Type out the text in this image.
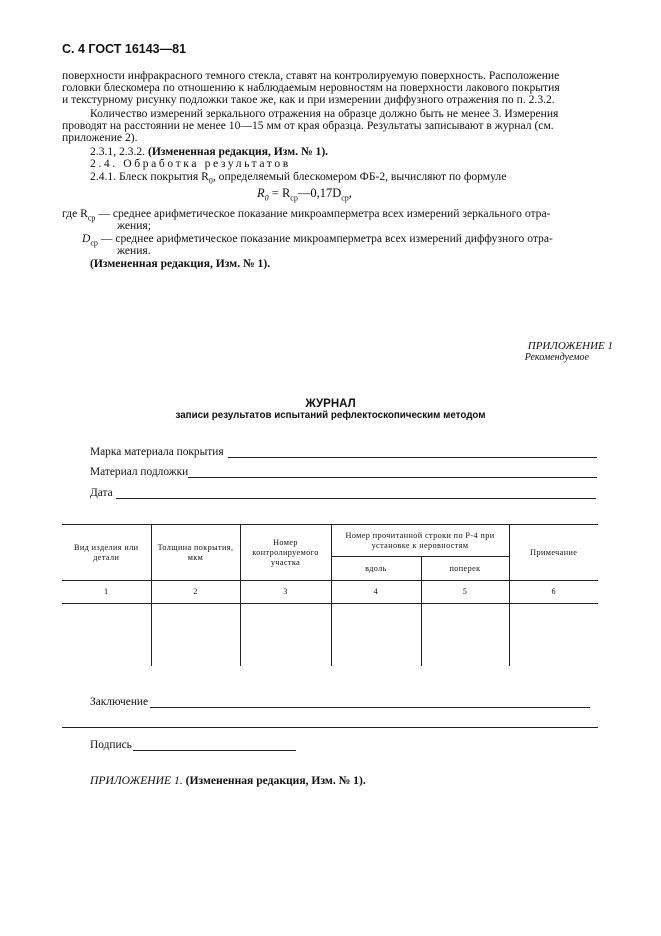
С. 4 ГОСТ 16143—81
поверхности инфракрасного темного стекла, ставят на контролируемую поверхность. Расположение
головки блескомера по отношению к наблюдаемым неровностям на поверхности лакового покрытия
и текстурному рисунку подложки такое же, как и при измерении диффузного отражения по п. 2.3.2.
Количество измерений зеркального отражения на образце должно быть не менее 3. Измерения
проводят на расстоянии не менее 10—15 мм от края образца. Результаты записывают в журнал (см.
приложение 2).
2.3.1, 2.3.2. (Измененная редакция, Изм. № 1).
2.4. Обработка результатов
2.4.1. Блеск покрытия $R_0$, определяемый блескомером ФБ-2, вычисляют по формуле
$R_0$ = $R_{ср}—0,17D_{ср}$,
где $R_{ср}$ — среднее арифметическое показание микроамперметра всех измерений зеркального отра-
жения;
$D_{ср}$ — среднее арифметическое показание микроамперметра всех измерений диффузного отра-
жения.
(Измененная редакция, Изм. № 1).
ПРИЛОЖЕНИЕ 1
Рекомендуемое
ЖУРНАЛ
записи результатов испытаний рефлектоскопическим методом
Марка материала покрытия
Материал подложки
Дата
Вид изделия или детали	Толщина покрытия, мкм	Номер контролируемого участка	Номер прочитанной строки по Р-4 при установке к неровностям		Примечание
			вдоль	поперек	
1	2	3	4	5	6

Заключение
Подпись
ПРИЛОЖЕНИЕ 1. (Измененная редакция, Изм. № 1).
